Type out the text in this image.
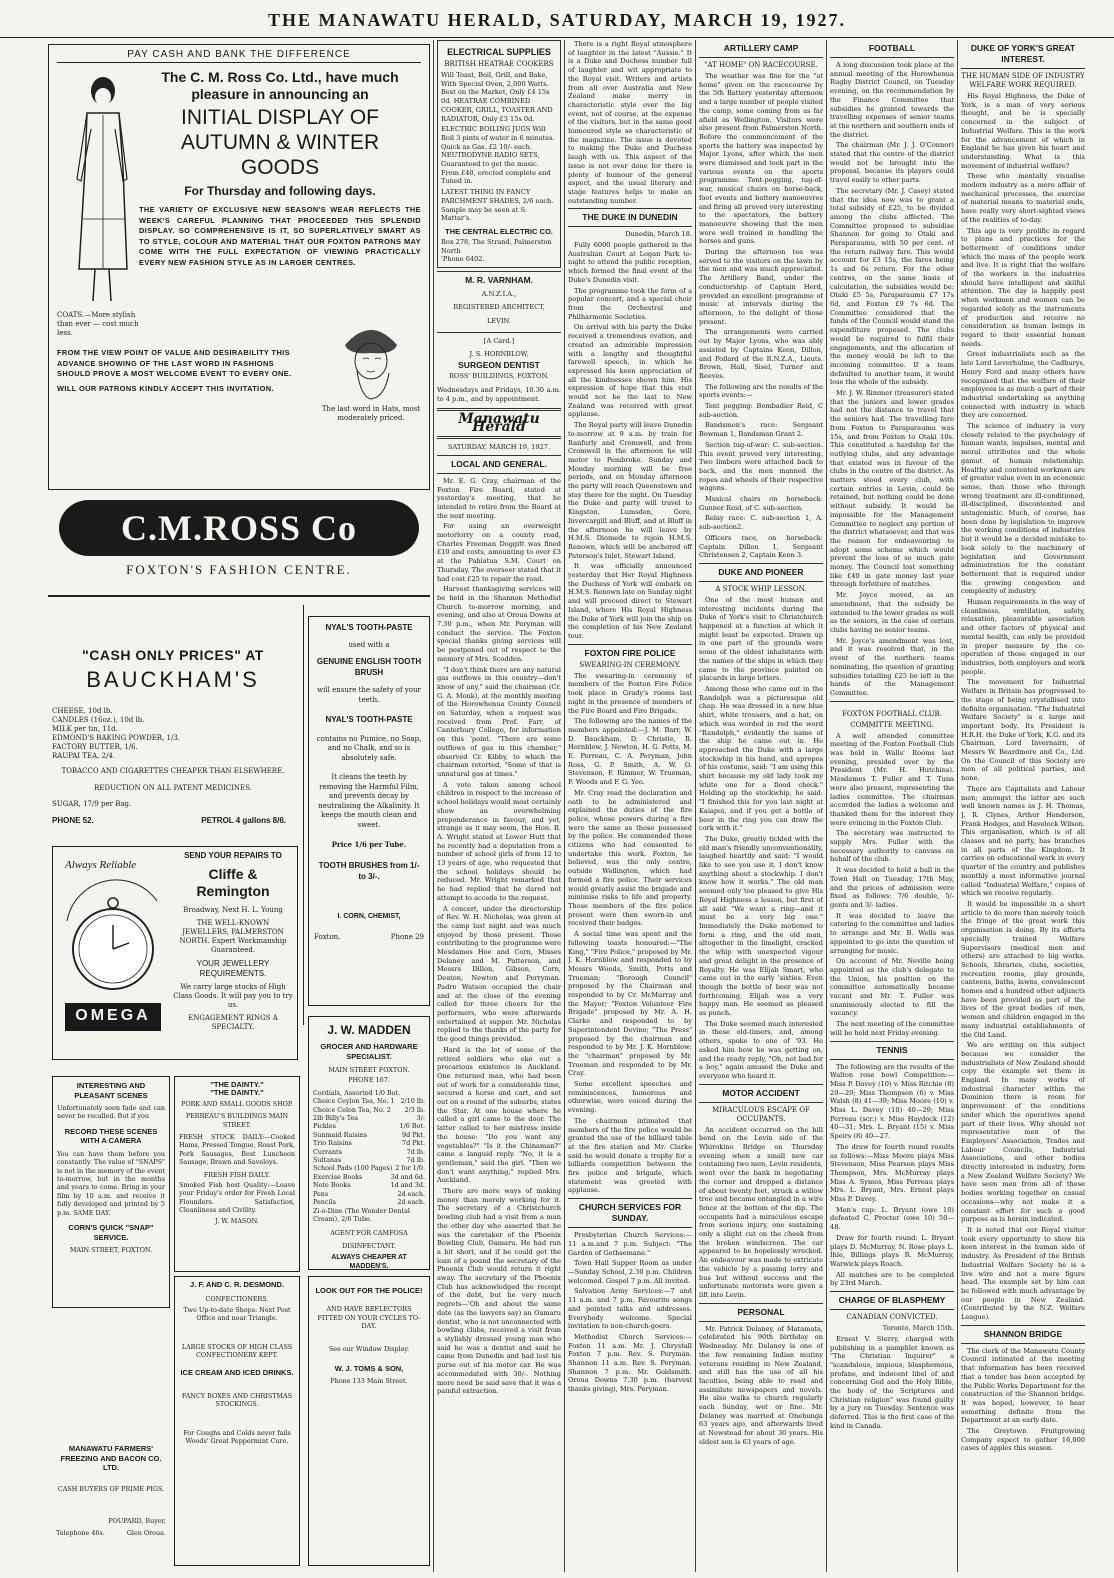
THE MANAWATU HERALD, SATURDAY, MARCH 19, 1927.
PAY CASH AND BANK THE DIFFERENCE
The C. M. Ross Co. Ltd., have much pleasure in announcing an
INITIAL DISPLAY OF
AUTUMN & WINTER
GOODS
For Thursday and following days.
THE VARIETY OF EXCLUSIVE NEW SEASON'S WEAR REFLECTS THE WEEK'S CAREFUL PLANNING THAT PROCEEDED THIS SPLENDID DISPLAY. SO COMPREHENSIVE IS IT, SO SUPERLATIVELY SMART AS TO STYLE, COLOUR AND MATERIAL THAT OUR FOXTON PATRONS MAY COME WITH THE FULL EXPECTATION OF VIEWING PRACTICALLY EVERY NEW FASHION STYLE AS IN LARGER CENTRES.
COATS.—More stylish than ever — cost much less.
FROM THE VIEW POINT OF VALUE AND DESIRABILITY THIS ADVANCE SHOWING OF THE LAST WORD IN FASHIONS SHOULD PROVE A MOST WELCOME EVENT TO EVERY ONE.
WILL OUR PATRONS KINDLY ACCEPT THIS INVITATION.
The last word in Hats, most moderately priced.
C.M.ROSS Co
FOXTON'S FASHION CENTRE.
"CASH ONLY PRICES" AT
BAUCKHAM'S
CHEESE, 10d lb.
CANDLES (16oz.), 10d lb.
MILK per tin, 11d.
EDMOND'S BAKING POWDER, 1/3.
FACTORY BUTTER, 1/6.
RAUPAI TEA, 2/4.
TOBACCO AND CIGARETTES CHEAPER THAN ELSEWHERE.
REDUCTION ON ALL PATENT MEDICINES.
SUGAR, 17/9 per Bag.
PHONE 52.	PETROL 4 gallons 8/6.
NYAL'S TOOTH-PASTE
used with a
GENUINE ENGLISH TOOTH BRUSH
will ensure the safety of your teeth.
NYAL'S TOOTH-PASTE
contains no Pumice, no Soap, and no Chalk, and so is absolutely safe.
It cleans the teeth by removing the Harmful Film, and prevents decay by neutralising the Alkalinity. It keeps the mouth clean and sweet.
Price 1/6 per Tube.
TOOTH BRUSHES from 1/- to 3/-.
I. CORN, CHEMIST,
Foxton,	Phone 29
Always Reliable
OMEGA
SEND YOUR REPAIRS TO
Cliffe &
Remington
Broadway, Next H. L. Young
THE WELL-KNOWN JEWELLERS, PALMERSTON NORTH. Expert Workmanship Guaranteed.
YOUR JEWELLERY REQUIREMENTS.
We carry large stocks of High Class Goods. It will pay you to try us.
ENGAGEMENT RINGS A SPECIALTY.	J. W. MADDEN
GROCER AND HARDWARE SPECIALIST.
MAIN STREET FOXTON.
PHONE 167.
Cordials, Assorted 1/0 Bot.
Choice Ceylon Tea, No. 1 2/10 lb.
Choice Celon Tea, No. 2 2/3 lb.
2lb Billy's Tea	3/-
Pickles	1/6 Bot.
Sunmaid Raisins	9d Pkt.
Trio Raisins	7d Pkt.
Currants	7d lb.
Sultanas	7d lb.
School Pads (100 Pages) 2 for 1/0.
Exercise Books	3d and 6d.
Note Books	1d and 3d.
Pens	2d each.
Pencils	2d each.
Zi-o-Dine (The Wonder Dental Cream), 2/6 Tube.
AGENT FOR CAMFOSA
DISINFECTANT.
ALWAYS CHEAPER AT MADDEN'S.
INTERESTING AND PLEASANT SCENES
Unfortunately soon fade and can never be recalled. But if you
RECORD THESE SCENES WITH A CAMERA
You can have them before you constantly. The value of "SNAPS" is not in the memory of the event to-morrow, but in the months and years to come. Bring in your film by 10 a.m. and receive it fully developed and printed by 5 p.m. SAME DAY.
CORN'S QUICK "SNAP" SERVICE.
MAIN STREET, FOXTON.
"THE DAINTY."
"THE DAINTY."
PORK AND SMALL GOODS SHOP.
PERREAU'S BUILDINGS MAIN STREET.
FRESH STOCK DAILY:—Cooked Hams, Pressed Tongue, Roast Pork, Pork Sausages, Best Luncheon Sausage, Brawn and Saveloys.
FRESH FISH DAILY.
Smoked Fish best Quality:—Leave your Friday's order for Fresh Local Flounders. Satisfaction, Cleanliness and Civility.
J. W. MASON.
J. F. AND C. R. DESMOND.
CONFECTIONERS.
Two Up-to-date Shops: Next Post Office and near Triangle.
LARGE STOCKS OF HIGH CLASS CONFECTIONERY KEPT.
ICE CREAM AND ICED DRINKS.
FANCY BOXES AND CHRISTMAS STOCKINGS.
For Coughs and Colds never fails Woods' Great Peppermint Cure.
LOOK OUT FOR THE POLICE!
AND HAVE REFLECTORS FITTED ON YOUR CYCLES TO-DAY.
See our Window Display.
W. J. TOMS & SON,
Phone 133 Main Street.
MANAWATU FARMERS' FREEZING AND BACON CO. LTD.
CASH BUYERS OF PRIME PIGS.
POUPARD, Buyer,
Telephone 46s.	Glen Oroua.
ELECTRICAL SUPPLIES
BRITISH HEATRAE COOKERS

Will Toast, Boil, Grill, and Bake, With Special Oven, 2,000 Watts. Best on the Market, Only £4 15s 0d. HEATRAE COMBINED COOKER, GRILL, TOASTER AND RADIATOR, Only £3 15s 0d.

ELECTRIC BOILING JUGS Will Boil 3 pints of water in 6 minutes. Quick as Gas. £2 10/- each. NEUTRODYNE RADIO SETS, Guaranteed to get the music. From £40, erected complete and Tuned in.

LATEST THING IN FANCY PARCHMENT SHADES, 2/6 each. Sample may be seen at S. Mattar's.

THE CENTRAL ELECTRIC CO.
Box 278, The Strand, Palmerston North
'Phone 6402.
M. R. VARNHAM.
A.N.Z.I.A.,
REGISTERED ARCHITECT,
LEVIN.
[A Card.]
J. S. HORNBLOW,
SURGEON DENTIST
ROSS' BUILDINGS, FOXTON.

Wednesdays and Fridays, 10.30 a.m. to 4 p.m., and by appointment.

Manawatu Herald
SATURDAY, MARCH 19, 1927.
LOCAL AND GENERAL.

Mr. E. G. Cray, chairman of the Foxton Fire Board, stated at yesterday's meeting, that he intended to retire from the Board at the next meeting.

For using an overweight motorlorry on a county road, Charles Freeman Doggitt was fined £10 and costs, amounting to over £3 at the Pahiatua S.M. Court on Thursday. The overseer stated that it had cost £25 to repair the road.

Harvest thanksgiving services will be held in the Shannon Methodist Church to-morrow morning, and evening, and also at Oroua Downs at 7.30 p.m., when Mr. Peryman will conduct the service. The Foxton special thanks giving services will be postponed out of respect to the memory of Mrs. Scodden.

"I don't think there are any natural gas outflows in this country—don't know of any," said the chairman (Cr. G. A. Monk), at the monthly meeting of the Horowhenua County Council on Saturday, when a request was received from Prof. Farr, of Canterbury College, for information on this 'point. "There are some outflows of gas in this chamber," observed Cr. Kibby, to which the chairman retorted, "Some of that is unnatural gas at times."

A vote taken among school children in respect to the increase of school holidays would most certainly show an overwhelming preponderance in favour, and yet, strange as it may seem, the Hon. R. A. Wright stated at Lower Hutt that he recently had a deputation from a number of school girls of from 12 to 13 years of age, who requested that the school holidays should be reduced. Mr. Wright remarked that he had replied that he dared not attempt to accede to the request.

A concert, under the directorship of Rev. W. H. Nicholas, was given at the camp last night and was much enjoyed by those present. Those contributing to the programme were Mesdames Hoe and Corn, Misses Delaney and M. Patterson, and Messrs Dillon, Gibson, Corn, Deaton, Newton and Perryman. Padre Watson occupied the chair and at the close of the evening called for three cheers for the performers, who were afterwards entertained at supper. Mr. Nicholas replied to the thanks of the party for the good things provided.

Hard is the lot of some of the retired soldiers who eke out a precarious existence in Auckland. One returned man, who had been out of work for a considerable time, secured a horse and cart, and set out on a round of the suburbs, states the Star. At one house where he called a girl came to the door. The latter called to her mistress inside the house: "Do you want any vegetables?" "Is it the Chinaman?" came a languid reply. "No, it is a gentleman," said the girl. "Then we don't want anything," replied Mrs. Auckland.

There are more ways of making money than merely working for it. The secretary of a Christchurch bowling club had a visit from a man the other day who asserted that he was the caretaker of the Phoenix Bowling Club, Oamaru. He had run a bit short, and if he could get the loan of a pound the secretary of the Phoenix Club would return it right away. The secretary of the Phoenix Club has acknowledged the receipt of the debt, but he very much regrets—'Oh and about the same date (as the lawyers say) an Oamaru dentist, who is not unconnected with bowling clubs, received a visit from a stylishly dressed young man who said he was a dentist and said he came from Dunedin and had lost his purse out of his motor car. He was accommodated with 30/-. Nothing more need be said save that it was a painful extraction.

There is a right Royal atmosphere of laughter in the latest "Aussie." It is a Duke and Duchess number full of laughter and wit appropriate to the Royal visit. Writers and artists from all over Australia and New Zealand make merry in characteristic style over the big event, not of course, at the expense of the visitors, but in the same good humoured style so characteristic of the magazine. The issue is devoted to making the Duke and Duchess laugh with us. This aspect of the issue is not over done for there is plenty of humour of the general aspect, and the usual literary and stage features helps to make an outstanding number.

THE DUKE IN DUNEDIN
Dunedin, March 18.

Fully 6000 people gathered in the Australian Court at Logan Park to-night to attend the public reception, which formed the final event of the Duke's Dunedin visit.

The programme took the form of a popular concert, and a special choir from the Orchestral and Philharmonic Societies.

On arrival with his party the Duke received a tremendous ovation, and created an admirable impression with a lengthy and thoughtful farewell speech, in which he expressed his keen appreciation of all the kindnesses shown him. His expression of hope that this visit would not be the last to New Zealand was received with great applause.

The Royal party will leave Dunedin to-morrow at 9 a.m. by train for Ranfurly and Cromwell, and from Cromwell in the afternoon he will motor to Pembroke. Sunday and Monday morning will be free periods, and on Monday afternoon the party will reach Queenstown and stay there for the night. On Tuesday the Duke and party will travel to Kingston, Lumsden, Gore, Invercargill and Bluff, and at Bluff in the afternoon he will leave by H.M.S. Diomede to rejoin H.M.S. Renown, which will be anchored off Paterson's Inlet, Stewart Island.

It was officially announced yesterday that Her Royal Highness the Duchess of York will embark on H.M.S. Renown late on Sunday night and will proceed direct to Stewart Island, where His Royal Highness the Duke of York will join the ship on the completion of his New Zealand tour.

FOXTON FIRE POLICE
SWEARING-IN CEREMONY.

The swearing-in ceremony of members of the Foxton Fire Police took place in Grady's rooms last night in the presence of members of the Fire Board and Fire Brigade.

The following are the names of the members appointed:—J. M. Barr, W. D. Bauckham, D. Christie, R. Hornblow, J. Newton, H. G. Potts, M. E. Perreau, C. A. Peryman, John Ross, G. P. Smith, A. W. O. Stevenson, F. Rimmer, W. Trueman, F. Woods and F. G. Yeo.

Mr. Cray read the declaration and oath to be administered and explained the duties of the fire police, whose powers during a fire were the same as those possessed by the police. He commended those citizens who had consented to undertake this work. Foxton, he believed, was the only centre, outside Wellington, which had formed a fire police. Their services would greatly assist the brigade and minimise risks to life and property. Those members of the fire police present were then sworn-in and received their badges.

A social time was spent and the following toasts honoured:—"The King," "Fire Police," proposed by Mr. J. K. Hornblow and responded to by Messrs Woods, Smith, Potts and Trueman; "Borough Council" proposed by the Chairman and responded to by Cr. McMurray and the Mayor; "Foxton Volunteer Fire Brigade" proposed by Mr. A. H. Clarke and responded to by Superintendent Devine; "The Press" proposed by the chairman and responded to by Mr. J. K. Hornblow; the "chairman" proposed by Mr. Trueman and responded to by Mr. Cray.

Some excellent speeches and reminiscences, humorous and otherwise, were voiced during the evening.

The chairman intimated that members of the fire police would be granted the use of the billiard table at the fire station and Mr. Clarke said he would donate a trophy for a billiards competition between the fire police and brigade, which statement was greeted with applause.

CHURCH SERVICES FOR SUNDAY.

Presbyterian Church Services:— 11 a.m.and 7 p.m. Subject: "The Garden of Gethsemane."

Town Hall Supper Room as under —Sunday School, 2.30 p.m. Children welcomed. Gospel 7 p.m. All invited.

Salvation Army Services:—7 and 11 a.m. and 7 p.m. Favourite songs and pointed talks and addresses. Everybody welcome. Special invitation to non-church-goers.

Methodist Church Services:— Foxton 11 a.m. Mr. J. Chrystall Foxton 7 p.m. Rev. S. Peryman. Shannon 11 a.m. Rev. S. Peryman. Shannon 7 p.m. Mr. Goldsmith. Oroua Downs 7.30 p.m. (harvest thanks giving), Mrs. Peryman.

ARTILLERY CAMP
"AT HOME" ON RACECOURSE.

The weather was fine for the "at home" given on the racecourse by the 5th Battery yesterday afternoon and a large number of people visited the camp, some coming from as far afield as Wellington. Visitors were also present from Palmerston North. Before the commencement of the sports the battery was inspected by Major Lyons, after which the men were dismissed and took part in the various events on the sports programme. Tent-pegging, tug-of-war, musical chairs on horse-back, foot events and battery manoeuvres and firing all proved very interesting to the spectators, the battery manoeuvre showing that the men were well trained in handling the horses and guns.

During the afternoon tea was served to the visitors on the lawn by the men and was much appreciated. The Artillery Band, under the conductorship of Captain Herd, provided an excellent programme of music at intervals during the afternoon, to the delight of those present.

The arrangements were carried out by Major Lyons, who was ably assisted by Captains Keen, Dillon, and Pollard of the R.N.Z.A., Lieuts. Brown, Hall, Sisel, Turner and Reeves.

The following are the results of the sports events:—

Tent pegging: Bombadier Reid, C sub-section.

Bandsmen's race: Sergeant Bowman 1, Bandsman Grant 2.

Section tug-of-war: C. sub-section. This event proved very interesting. Two limbers were attached back to back, and the men manned the ropes and wheels of their respective wagons.

Musical chairs on horseback: Gunner Reid, of C. sub-section.

Relay race: C. sub-section 1, A. sub-section2.

Officers race, on horseback: Captain Dillon 1, Sergeant Christensen 2, Captain Keen 3.

DUKE AND PIONEER
A STOCK WHIP LESSON.

One of the most human and interesting incidents during the Duke of York's visit to Christchurch happened at a function at which it might least be expected. Drawn up in one part of the grounds were some of the oldest inhabitants with the names of the ships in which they came to the province painted on placards in large letters.

Among those who came out in the Randolph was a picturesque old chap. He was dressed in a new blue shirt, white trousers, and a hat, on which was worded in red the word "Randolph," evidently the name of the ship he came out in. He approached the Duke with a large stockwhip in his hand, and apropos of his costume, said: "I am using this shirt because my old lady took my white one for a flood check." Holding up the stockwhip, he said: "I finished this for you last night at Kaiapoi, and if you get a bottle of beer in the ring you can draw the cork with it."

The Duke, greatly tickled with the old man's friendly unconventionality, laughed heartily and said: "I would like to see you use it. I don't know anything about a stockwhip. I don't know how it works." The old man seemed only too pleased to give His Royal Highness a lesson, but first of all said "We want a ring—and it must be a very big one." Immediately the Duke motioned to form a ring, and the old man, altogether in the limelight, cracked the whip with unexpected vigour and great delight in the presence of Royalty. He was Elijah Smart, who came out in the early 'sixties. Even though the bottle of beer was not forthcoming, Elijah was a very happy man. He seemed as pleased as punch.

The Duke seemed much interested in these old-timers, and, among others, spoke to one of '93. He asked him how he was getting on, and the ready reply, "Oh, not bad for a boy," again amused the Duke and everyone who heard it.

MOTOR ACCIDENT
MIRACULOUS ESCAPE OF OCCUPANTS.

An accident occurred on the hill bend on the Levin side of the Whirokino Bridge on Thursday evening when a small new car containing two men, Levin residents, went over the bank in negotiating the corner and dropped a distance of about twenty feet, struck a willow tree and became entangled in a wire fence at the bottom of the dip. The occupants had a miraculous escape from serious injury, one sustaining only a slight cut on the cheek from the broken windscreen. The car appeared to be hopelessly wrecked. An endeavour was made to extricate the vehicle by a passing lorry and bus but without success and the unfortunate motorists were given a lift into Levin.

PERSONAL

Mr. Patrick Delaney, of Matamata, celebrated his 90th birthday on Wednesday. Mr. Delaney is one of the few remaining Indian mutiny veterans residing in New Zealand, and still has the use of all his faculties, being able to read and assimilate newspapers and novels. He also walks to church regularly each Sunday, wet or fine. Mr. Delaney was married at Onehunga 63 years ago, and afterwards lived at Newstead for about 30 years. His eldest son is 63 years of age.

FOOTBALL

A long discussion took place at the annual meeting of the Horowhenua Rugby District Council, on Tuesday evening, on the recommendation by the Finance Committee that subsidies be granted towards the travelling expenses of senior teams at the northern and southern ends of the district.

The chairman (Mr. J. J. O'Connor) stated that the centre of the district would not be brought into the proposal, because its players could travel easily to other parts.

The secretary (Mr. J. Casey) stated that the idea now was to grant a total subsidy of £25, to be divided among the clubs affected. The Committee proposed to subsidise Shannon for going to Otaki and Paraparaumu, with 50 per cent. of the return railway fare. This would account for £3 15s, the fares being 1s and 6s return. For the other centres, on the same basis of calculation, the subsidies would be: Otaki £5 5s, Paraparaumu £7 17s 6d, and Foxton £9 7s 6d. The Committee considered that the funds of the Council would stand the expenditure proposed. The clubs would be required to fulfil their engagements, and the allocation of the money would be left to the incoming committee. If a team defaulted to another team, it would lose the whole of the subsidy.

Mr. J. W. Rimmer (treasurer) stated that the juniors and lower grades had not the distance to travel that the seniors had. The travelling fare from Foxton to Paraparaumu was 15s, and from Foxton to Otaki 10s. This constituted a hardship for the outlying clubs, and any advantage that existed was in favour of the clubs in the centre of the district. As matters stood every club, with certain entries in Levin, could be retained, but nothing could be done without subsidy. It would be impossible for the Management Committee to neglect any portion of the district whatsoever, and that was the reason for endeavouring to adopt some scheme which would prevent the loss of so much gate money. The Council lost something like £40 in gate money last year through forfeiture of matches.

Mr. Joyce moved, as an amendment, that the subsidy be extended to the lower grades as well as the seniors, in the case of certain clubs having no senior teams.

Mr. Joyce's amendment was lost, and it was resolved that, in the event of the northern teams nominating, the question of granting subsidies totalling £25 be left in the hands of the Management Committee.

FOXTON FOOTBALL CLUB.
COMMITTE MEETING.

A well attended committee meeting of the Foxton Football Club was held in Walls' Rooms last evening, presided over by the President (Mr. H. Hutchins). Mesdames T. Fuller and T. Tuna were also present, representing the ladies committee. The chairman accorded the ladies a welcome and thanked them for the interest they were evincing in the Foxton Club.

The secretary was instructed to supply Mrs. Fuller with the necessary authority to canvass on behalf of the club.

It was decided to hold a ball in the Town Hall on Tuesday, 17th May, and the prices of admission were fixed as follows: 7/6 double, 5/- gents and 3/- ladies.

It was decided to leave the catering to the committee and ladies to arrange and Mr. B. Wells was appointed to go into the question of arranging for music.

On account of Mr. Neville being appointed as the club's delegate to the Union, his position on the committee automatically became vacant and Mr. T. Fuller was unanimously elected to fill the vacancy.

The next meeting of the committee will be held next Friday evening.

TENNIS

The following are the results of the Walton rose bowl Competition:—Miss P. Davey (10) v. Miss Ritchie (8) 20—29; Miss Thompson (6) v. Miss Walsh (8) 41—39; Miss Moore (10) v. Miss L. Davey (10) 40—29; Miss Perreau (scr.) v. Miss Haydock (12) 40—31; Mrs. L. Bryant (15) v. Miss Speirs (8) 40—27.

The draw for fourth round results as follows:—Miss Moore plays Miss Stevenson, Miss Pearson plays Miss Thompson, Mrs. McMurray plays Miss A. Symes, Miss Perreau plays Mrs. L. Bryant, Mrs. Ernest plays Miss P. Davey.

Men's cup: L. Bryant (owe 10) defeated C. Procter (owe 10) 50—48.

Draw for fourth round: L. Bryant plays D. McMurray, N. Rose plays L. Ihle, Billings plays R. McMurray, Warwick plays Roach.

All matches are to be completed by 23rd March.

CHARGE OF BLASPHEMY
CANADIAN CONVICTED.
Toronto, March 15th.

Ernest V. Sterry, charged with publishing in a pamphlet known as "The Christian Inquirer" a "scandalous, impious, blasphemous, profane, and indecent libel of and concerning God and the Holy Bible, the body of the Scriptures and Christian religion" was found guilty by a jury on Tuesday. Sentence was deferred. This is the first case of the kind in Canada.

DUKE OF YORK'S GREAT INTEREST.
THE HUMAN SIDE OF INDUSTRY WELFARE WORK REQUIRED.

His Royal Highness, the Duke of York, is a man of very serious thought, and he is specially concerned in the subject of Industrial Welfare. This is the work for the advancement of which in England he has given his heart and understanding. What is this movement of industrial welfare?

Those who mentally visualise modern industry as a mere affair of mechanical processes, the exercise of material means to material ends, have really very short-sighted views of the realities of to-day.

This age is very prolific in regard to plans and practices for the betterment of conditions under which the mass of the people work and live. It is right that the welfare of the workers in the industries should have intelligent and skilful attention. The day is happily past when workmen and women can be regarded solely as the instruments of production and receive no consideration as human beings in regard to their essential human needs.

Great industrialists such as the late Lord Leverhulme, the Cadburys, Henry Ford and many others have recognised that the welfare of their employees is as much a part of their industrial undertaking as anything connected with industry in which they are concerned.

The science of industry is very closely related to the psychology of human wants, impulses, mental and moral attributes and the whole gamut of human relationship. Healthy and contented workmen are of greater value even in an economic sense, than those who through wrong treatment are ill-conditioned, ill-disciplined, discontented and antagonistic. Much, of course, has been done by legislation to improve the working conditions of industries but it would be a decided mistake to look solely to the machinery of legislation and Government administration for the constant betterment that is required under the growing congestion and complexity of industry.

Human requirements in the way of cleanliness, ventilation, safety, relaxation, pleasurable association and other factors of physical and mental health, can only be provided in proper measure by the co-operation of those engaged in our industries, both employers and work people.

The movement for Industrial Welfare in Britain has progressed to the stage of being crystallised into definite organisation. "The Industrial Welfare Society" is a large and important body. Its President is H.R.H. the Duke of York, K.G. and its Chairman, Lord Invernairn, of Messrs W. Beardmore and Co., Ltd. On the Council of this Society are men of all political parties, and none.

There are Capitalists and Labour men; amongst the latter are such well known names as J. H. Thomas, J. R. Clynes, Arthur Henderson, Frank Hodges, and Havelock Wilson. This organisation, which is of all classes and no party, has branches in all parts of the Kingdom. It carries on educational work in every quarter of the country and publishes monthly a most informative journal called "Industrial Welfare," copies of which we receive regularly.

It would be impossible in a short article to do more than merely touch the fringe of the great work this organisation is doing. By its efforts specially trained Welfare Supervisors (medical men and others) are attached to big works. Schools, libraries, clubs, societies, recreation rooms, play grounds, canteens, baths, lawns, convalescent homes and a hundred other adjuncts have been provided as part of the lives of the great bodies of men, women and children engaged in the many industrial establishments of the Old Land.

We are writing on this subject because we consider the industrialists of New Zealand should copy the example set them in England. In many works of industrial character within the Dominion there is room for improvement of the conditions under which the operatives spend part of their lives. Why should not representative men of the Employers' Association, Trades and Labour Councils, Industrial Associations, and other bodies directly interested in industry, form a New Zealand Welfare Society? We have seen men from all of these bodies working together on casual occasions—why not make it a constant effort for such a good purpose as is herein indicated.

It is noted that our Royal visitor took every opportunity to show his keen interest in the human side of industry. As President of the British Industrial Welfare Society he is a live wire and not a mere figure head. The example set by him can be followed with much advantage by our people in New Zealand. (Contributed by the N.Z. Welfare League).

SHANNON BRIDGE

The clerk of the Manawatu County Council intimated at the meeting that information has been received that a tender has been accepted by the Public Works Department for the construction of the Shannon bridge. It was hoped, however, to hear something definite from the Department at an early date.

The Greytown Fruitgrowing Company expect to gather 16,000 cases of apples this season.
